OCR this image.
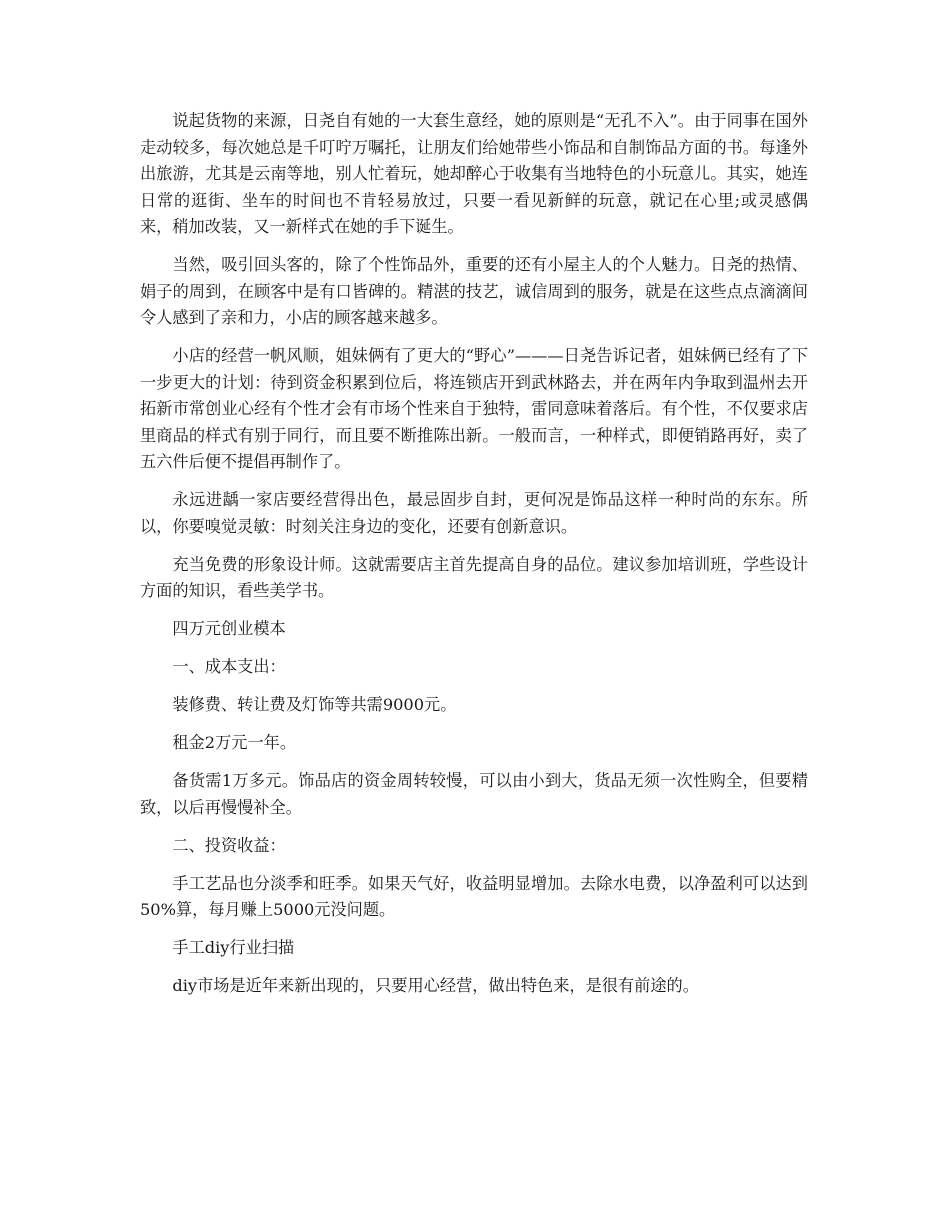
说起货物的来源，日尧自有她的一大套生意经，她的原则是“无孔不入”。由于同事在国外走动较多，每次她总是千叮咛万嘱托，让朋友们给她带些小饰品和自制饰品方面的书。每逢外出旅游，尤其是云南等地，别人忙着玩，她却醉心于收集有当地特色的小玩意儿。其实，她连日常的逛街、坐车的时间也不肯轻易放过，只要一看见新鲜的玩意，就记在心里;或灵感偶来，稍加改装，又一新样式在她的手下诞生。

当然，吸引回头客的，除了个性饰品外，重要的还有小屋主人的个人魅力。日尧的热情、娟子的周到，在顾客中是有口皆碑的。精湛的技艺，诚信周到的服务，就是在这些点点滴滴间令人感到了亲和力，小店的顾客越来越多。

小店的经营一帆风顺，姐妹俩有了更大的“野心”———日尧告诉记者，姐妹俩已经有了下一步更大的计划：待到资金积累到位后，将连锁店开到武林路去，并在两年内争取到温州去开拓新市常创业心经有个性才会有市场个性来自于独特，雷同意味着落后。有个性，不仅要求店里商品的样式有别于同行，而且要不断推陈出新。一般而言，一种样式，即便销路再好，卖了五六件后便不提倡再制作了。

永远进龋一家店要经营得出色，最忌固步自封，更何况是饰品这样一种时尚的东东。所以，你要嗅觉灵敏：时刻关注身边的变化，还要有创新意识。

充当免费的形象设计师。这就需要店主首先提高自身的品位。建议参加培训班，学些设计方面的知识，看些美学书。

四万元创业模本

一、成本支出：

装修费、转让费及灯饰等共需9000元。

租金2万元一年。

备货需1万多元。饰品店的资金周转较慢，可以由小到大，货品无须一次性购全，但要精致，以后再慢慢补全。

二、投资收益：

手工艺品也分淡季和旺季。如果天气好，收益明显增加。去除水电费，以净盈利可以达到50%算，每月赚上5000元没问题。

手工diy行业扫描

diy市场是近年来新出现的，只要用心经营，做出特色来，是很有前途的。
